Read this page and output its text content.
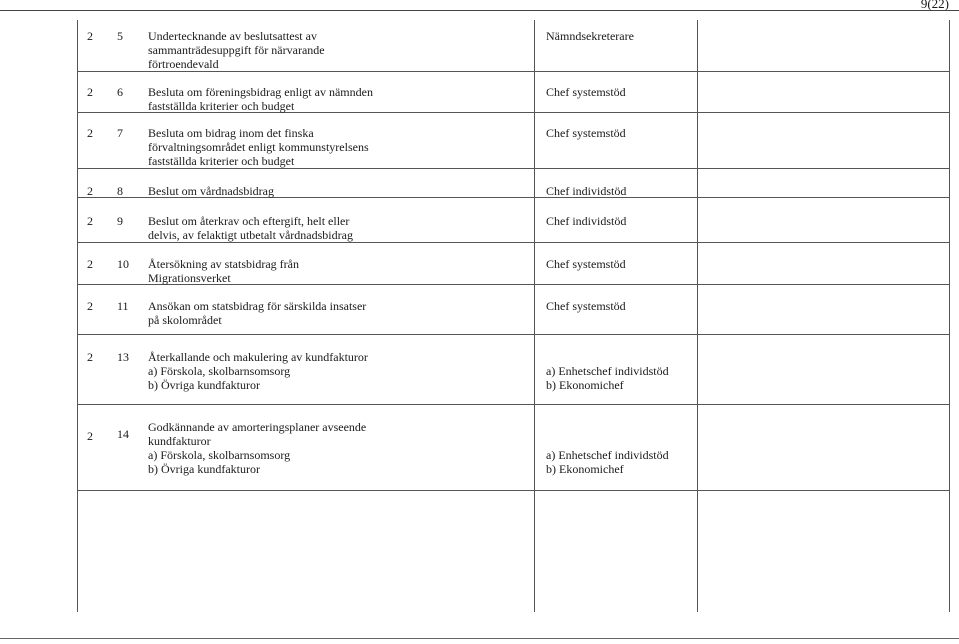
9(22)
2 5 Undertecknande av beslutsattest av
sammanträdesuppgift för närvarande
förtroendevald
Nämndsekreterare
2 6 Besluta om föreningsbidrag enligt av nämnden
fastställda kriterier och budget
Chef systemstöd
2 7 Besluta om bidrag inom det finska
förvaltningsområdet enligt kommunstyrelsens
fastställda kriterier och budget
Chef systemstöd
2 8 Beslut om vårdnadsbidrag	Chef individstöd
2 9 Beslut om återkrav och eftergift, helt eller
delvis, av felaktigt utbetalt vårdnadsbidrag
Chef individstöd
2 10 Återsökning av statsbidrag från
Migrationsverket
Chef systemstöd
2 11 Ansökan om statsbidrag för särskilda insatser
på skolområdet
Chef systemstöd
2 13 Återkallande och makulering av kundfakturor
a) Förskola, skolbarnsomsorg
b) Övriga kundfakturor
a) Enhetschef individstöd
b) Ekonomichef
2 14 Godkännande av amorteringsplaner avseende
kundfakturor
a) Förskola, skolbarnsomsorg
b) Övriga kundfakturor
a) Enhetschef individstöd
b) Ekonomichef
